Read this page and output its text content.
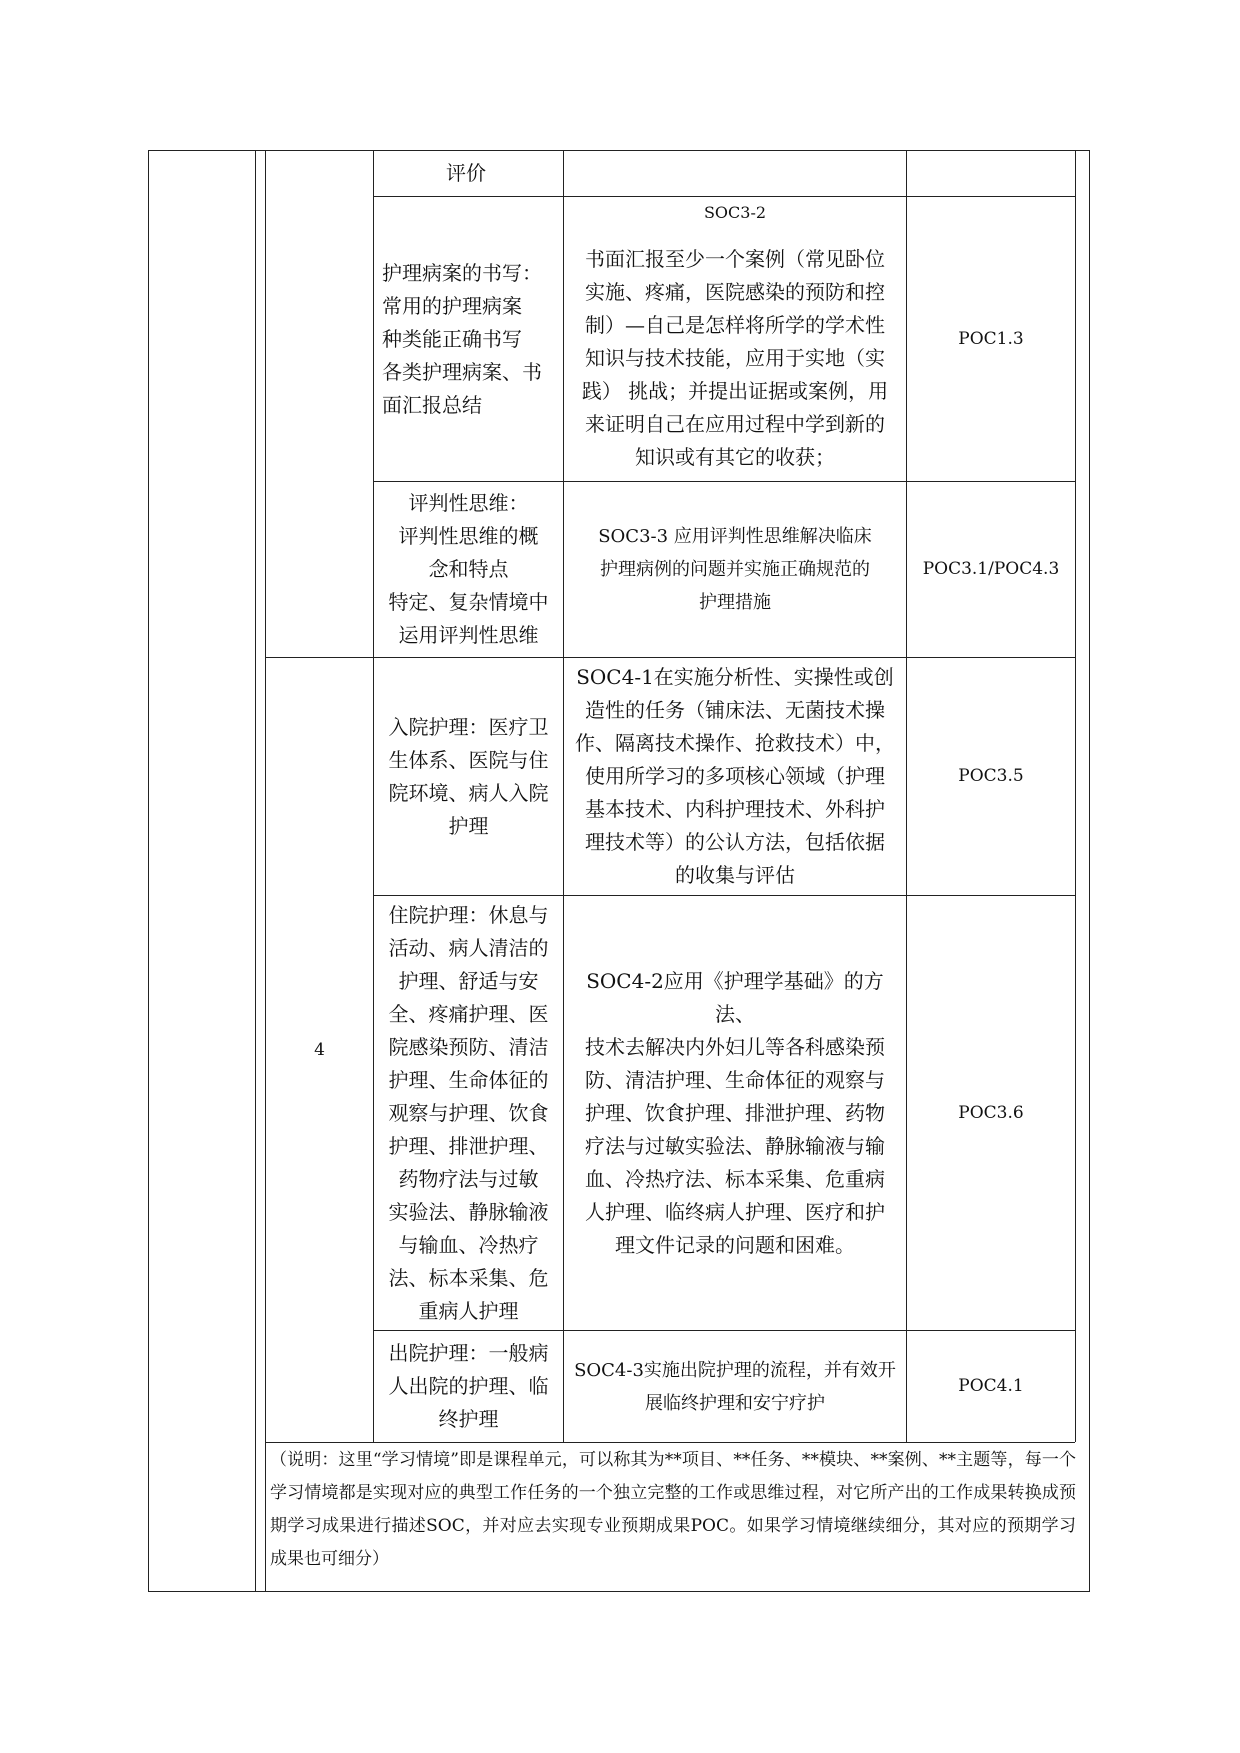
4
评价
护理病案的书写：
常用的护理病案
种类能正确书写
各类护理病案、书
面汇报总结
SOC3-2
书面汇报至少一个案例（常见卧位
实施、疼痛，医院感染的预防和控
制）—自己是怎样将所学的学术性
知识与技术技能，应用于实地（实
践） 挑战；并提出证据或案例，用
来证明自己在应用过程中学到新的
知识或有其它的收获；
POC1.3
评判性思维：
评判性思维的概
念和特点
特定、复杂情境中
运用评判性思维
SOC3-3 应用评判性思维解决临床
护理病例的问题并实施正确规范的
护理措施
POC3.1/POC4.3
入院护理：医疗卫
生体系、医院与住
院环境、病人入院
护理
SOC4-1在实施分析性、实操性或创
造性的任务（铺床法、无菌技术操
作、隔离技术操作、抢救技术）中，
使用所学习的多项核心领域（护理
基本技术、内科护理技术、外科护
理技术等）的公认方法，包括依据
的收集与评估
POC3.5
住院护理：休息与
活动、病人清洁的
护理、舒适与安
全、疼痛护理、医
院感染预防、清洁
护理、生命体征的
观察与护理、饮食
护理、排泄护理、
药物疗法与过敏
实验法、静脉输液
与输血、冷热疗
法、标本采集、危
重病人护理
SOC4-2应用《护理学基础》的方法、
技术去解决内外妇儿等各科感染预
防、清洁护理、生命体征的观察与
护理、饮食护理、排泄护理、药物
疗法与过敏实验法、静脉输液与输
血、冷热疗法、标本采集、危重病
人护理、临终病人护理、医疗和护
理文件记录的问题和困难。
POC3.6
出院护理：一般病
人出院的护理、临
终护理
SOC4-3实施出院护理的流程，并有效开
展临终护理和安宁疗护
POC4.1
（说明：这里“学习情境”即是课程单元，可以称其为**项目、**任务、**模块、**案例、**主题等，每一个学习情境都是实现对应的典型工作任务的一个独立完整的工作或思维过程，对它所产出的工作成果转换成预期学习成果进行描述SOC，并对应去实现专业预期成果POC。如果学习情境继续细分，其对应的预期学习成果也可细分）
